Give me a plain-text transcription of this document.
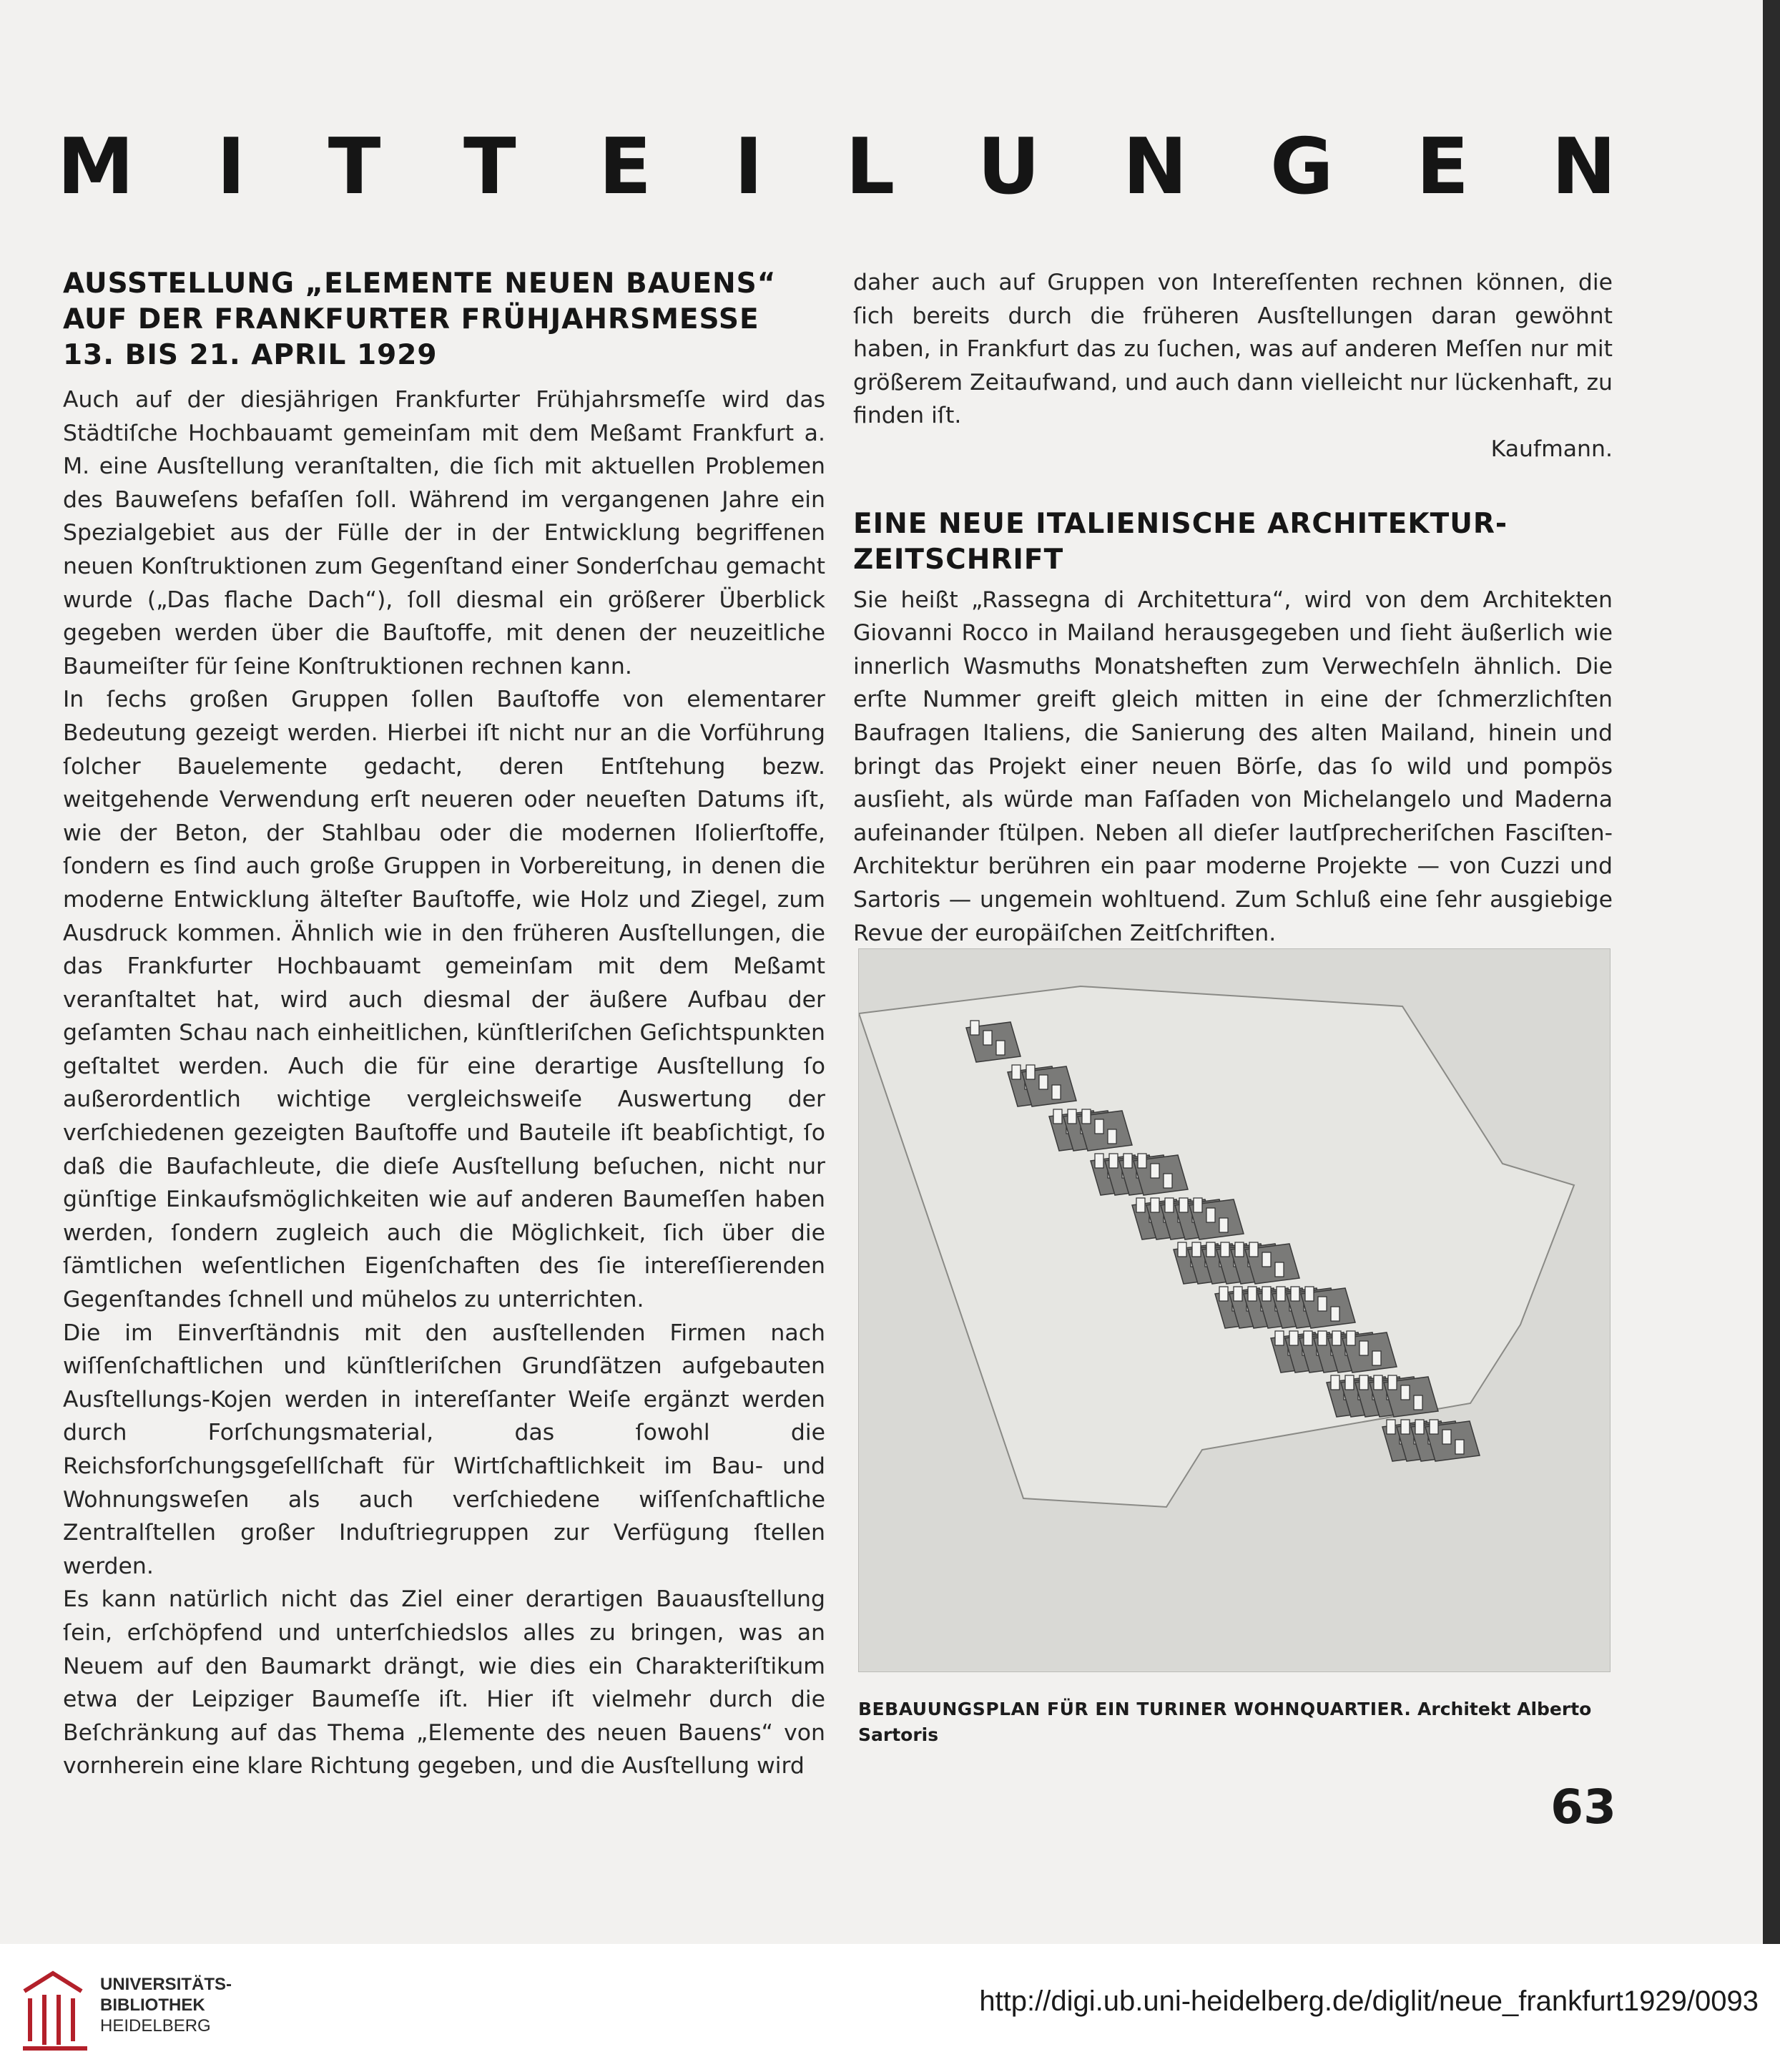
M I T T E I L U N G E N
AUSSTELLUNG „ELEMENTE NEUEN BAUENS“
AUF DER FRANKFURTER FRÜHJAHRSMESSE
13. BIS 21. APRIL 1929

Auch auf der diesjährigen Frankfurter Frühjahrsmeſſe wird das Städtiſche Hochbauamt gemeinſam mit dem Meßamt Frankfurt a. M. eine Ausſtellung veranſtalten, die ſich mit aktuellen Problemen des Bauweſens befaſſen ſoll. Während im vergangenen Jahre ein Spezialgebiet aus der Fülle der in der Entwicklung begriffenen neuen Konſtruktionen zum Gegenſtand einer Sonderſchau gemacht wurde („Das flache Dach“), ſoll diesmal ein größerer Überblick gegeben werden über die Bauſtoffe, mit denen der neuzeitliche Baumeiſter für ſeine Konſtruktionen rechnen kann.

In ſechs großen Gruppen ſollen Bauſtoffe von elementarer Bedeutung gezeigt werden. Hierbei iſt nicht nur an die Vorführung ſolcher Bauelemente gedacht, deren Entſtehung bezw. weitgehende Verwendung erſt neueren oder neueſten Datums iſt, wie der Beton, der Stahlbau oder die modernen Iſolierſtoffe, ſondern es ſind auch große Gruppen in Vorbereitung, in denen die moderne Entwicklung älteſter Bauſtoffe, wie Holz und Ziegel, zum Ausdruck kommen. Ähnlich wie in den früheren Ausſtellungen, die das Frankfurter Hochbauamt gemeinſam mit dem Meßamt veranſtaltet hat, wird auch diesmal der äußere Aufbau der geſamten Schau nach einheitlichen, künſtleriſchen Geſichtspunkten geſtaltet werden. Auch die für eine derartige Ausſtellung ſo außerordentlich wichtige vergleichsweiſe Auswertung der verſchiedenen gezeigten Bauſtoffe und Bauteile iſt beabſichtigt, ſo daß die Baufachleute, die dieſe Ausſtellung beſuchen, nicht nur günſtige Einkaufsmöglichkeiten wie auf anderen Baumeſſen haben werden, ſondern zugleich auch die Möglichkeit, ſich über die ſämtlichen weſentlichen Eigenſchaften des ſie intereſſierenden Gegenſtandes ſchnell und mühelos zu unterrichten.

Die im Einverſtändnis mit den ausſtellenden Firmen nach wiſſenſchaftlichen und künſtleriſchen Grundſätzen aufgebauten Ausſtellungs-Kojen werden in intereſſanter Weiſe ergänzt werden durch Forſchungsmaterial, das ſowohl die Reichsforſchungsgeſellſchaft für Wirtſchaftlichkeit im Bau- und Wohnungsweſen als auch verſchiedene wiſſenſchaftliche Zentralſtellen großer Induſtriegruppen zur Verfügung ſtellen werden.

Es kann natürlich nicht das Ziel einer derartigen Bauausſtellung ſein, erſchöpfend und unterſchiedslos alles zu bringen, was an Neuem auf den Baumarkt drängt, wie dies ein Charakteriſtikum etwa der Leipziger Baumeſſe iſt. Hier iſt vielmehr durch die Beſchränkung auf das Thema „Elemente des neuen Bauens“ von vornherein eine klare Richtung gegeben, und die Ausſtellung wird

daher auch auf Gruppen von Intereſſenten rechnen können, die ſich bereits durch die früheren Ausſtellungen daran gewöhnt haben, in Frankfurt das zu ſuchen, was auf anderen Meſſen nur mit größerem Zeitaufwand, und auch dann vielleicht nur lückenhaft, zu finden iſt.

Kaufmann.
EINE NEUE ITALIENISCHE ARCHITEKTUR-
ZEITSCHRIFT

Sie heißt „Rassegna di Architettura“, wird von dem Architekten Giovanni Rocco in Mailand herausgegeben und ſieht äußerlich wie innerlich Wasmuths Monatsheften zum Verwechſeln ähnlich. Die erſte Nummer greift gleich mitten in eine der ſchmerzlichſten Baufragen Italiens, die Sanierung des alten Mailand, hinein und bringt das Projekt einer neuen Börſe, das ſo wild und pompös ausſieht, als würde man Faſſaden von Michelangelo und Maderna aufeinander ſtülpen. Neben all dieſer lautſprecheriſchen Fasciſten-Architektur berühren ein paar moderne Projekte — von Cuzzi und Sartoris — ungemein wohltuend. Zum Schluß eine ſehr ausgiebige Revue der europäiſchen Zeitſchriften.

BEBAUUNGSPLAN FÜR EIN TURINER WOHNQUARTIER. Architekt Alberto Sartoris
63
UNIVERSITÄTS-
BIBLIOTHEK
HEIDELBERG
http://digi.ub.uni-heidelberg.de/diglit/neue_frankfurt1929/0093
